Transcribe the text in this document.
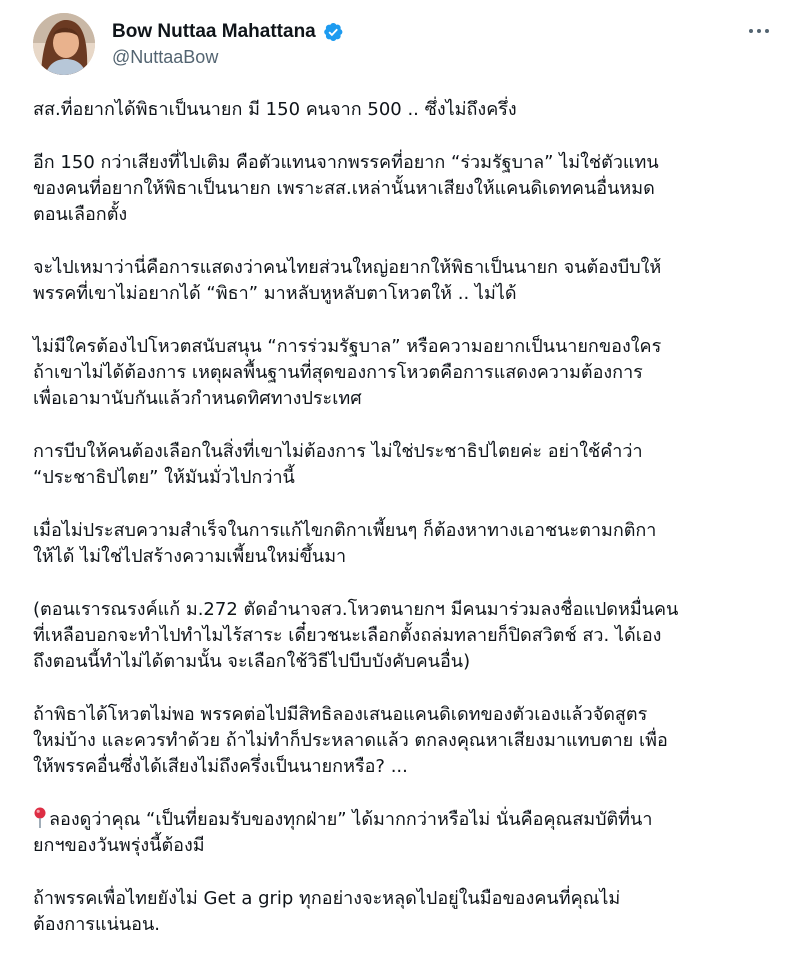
Bow Nuttaa Mahattana
@NuttaaBow
สส.ที่อยากได้พิธาเป็นนายก มี 150 คนจาก 500 .. ซึ่งไม่ถึงครึ่ง
อีก 150 กว่าเสียงที่ไปเติม คือตัวแทนจากพรรคที่อยาก “ร่วมรัฐบาล” ไม่ใช่ตัวแทน
ของคนที่อยากให้พิธาเป็นนายก เพราะสส.เหล่านั้นหาเสียงให้แคนดิเดทคนอื่นหมด
ตอนเลือกตั้ง
จะไปเหมาว่านี่คือการแสดงว่าคนไทยส่วนใหญ่อยากให้พิธาเป็นนายก จนต้องบีบให้
พรรคที่เขาไม่อยากได้ “พิธา” มาหลับหูหลับตาโหวตให้ .. ไม่ได้
ไม่มีใครต้องไปโหวตสนับสนุน “การร่วมรัฐบาล” หรือความอยากเป็นนายกของใคร
ถ้าเขาไม่ได้ต้องการ เหตุผลพื้นฐานที่สุดของการโหวตคือการแสดงความต้องการ
เพื่อเอามานับกันแล้วกำหนดทิศทางประเทศ
การบีบให้คนต้องเลือกในสิ่งที่เขาไม่ต้องการ ไม่ใช่ประชาธิปไตยค่ะ อย่าใช้คำว่า
“ประชาธิปไตย” ให้มันมั่วไปกว่านี้
เมื่อไม่ประสบความสำเร็จในการแก้ไขกติกาเพี้ยนๆ ก็ต้องหาทางเอาชนะตามกติกา
ให้ได้ ไม่ใช่ไปสร้างความเพี้ยนใหม่ขึ้นมา
(ตอนเรารณรงค์แก้ ม.272 ตัดอำนาจสว.โหวตนายกฯ มีคนมาร่วมลงชื่อแปดหมื่นคน
ที่เหลือบอกจะทำไปทำไมไร้สาระ เดี๋ยวชนะเลือกตั้งถล่มทลายก็ปิดสวิตช์ สว. ได้เอง
ถึงตอนนี้ทำไม่ได้ตามนั้น จะเลือกใช้วิธีไปบีบบังคับคนอื่น)
ถ้าพิธาได้โหวตไม่พอ พรรคต่อไปมีสิทธิลองเสนอแคนดิเดทของตัวเองแล้วจัดสูตร
ใหม่บ้าง และควรทำด้วย ถ้าไม่ทำก็ประหลาดแล้ว ตกลงคุณหาเสียงมาแทบตาย เพื่อ
ให้พรรคอื่นซึ่งได้เสียงไม่ถึงครึ่งเป็นนายกหรือ? ...
ลองดูว่าคุณ “เป็นที่ยอมรับของทุกฝ่าย” ได้มากกว่าหรือไม่ นั่นคือคุณสมบัติที่นา
ยกฯของวันพรุ่งนี้ต้องมี
ถ้าพรรคเพื่อไทยยังไม่ Get a grip ทุกอย่างจะหลุดไปอยู่ในมือของคนที่คุณไม่
ต้องการแน่นอน.
